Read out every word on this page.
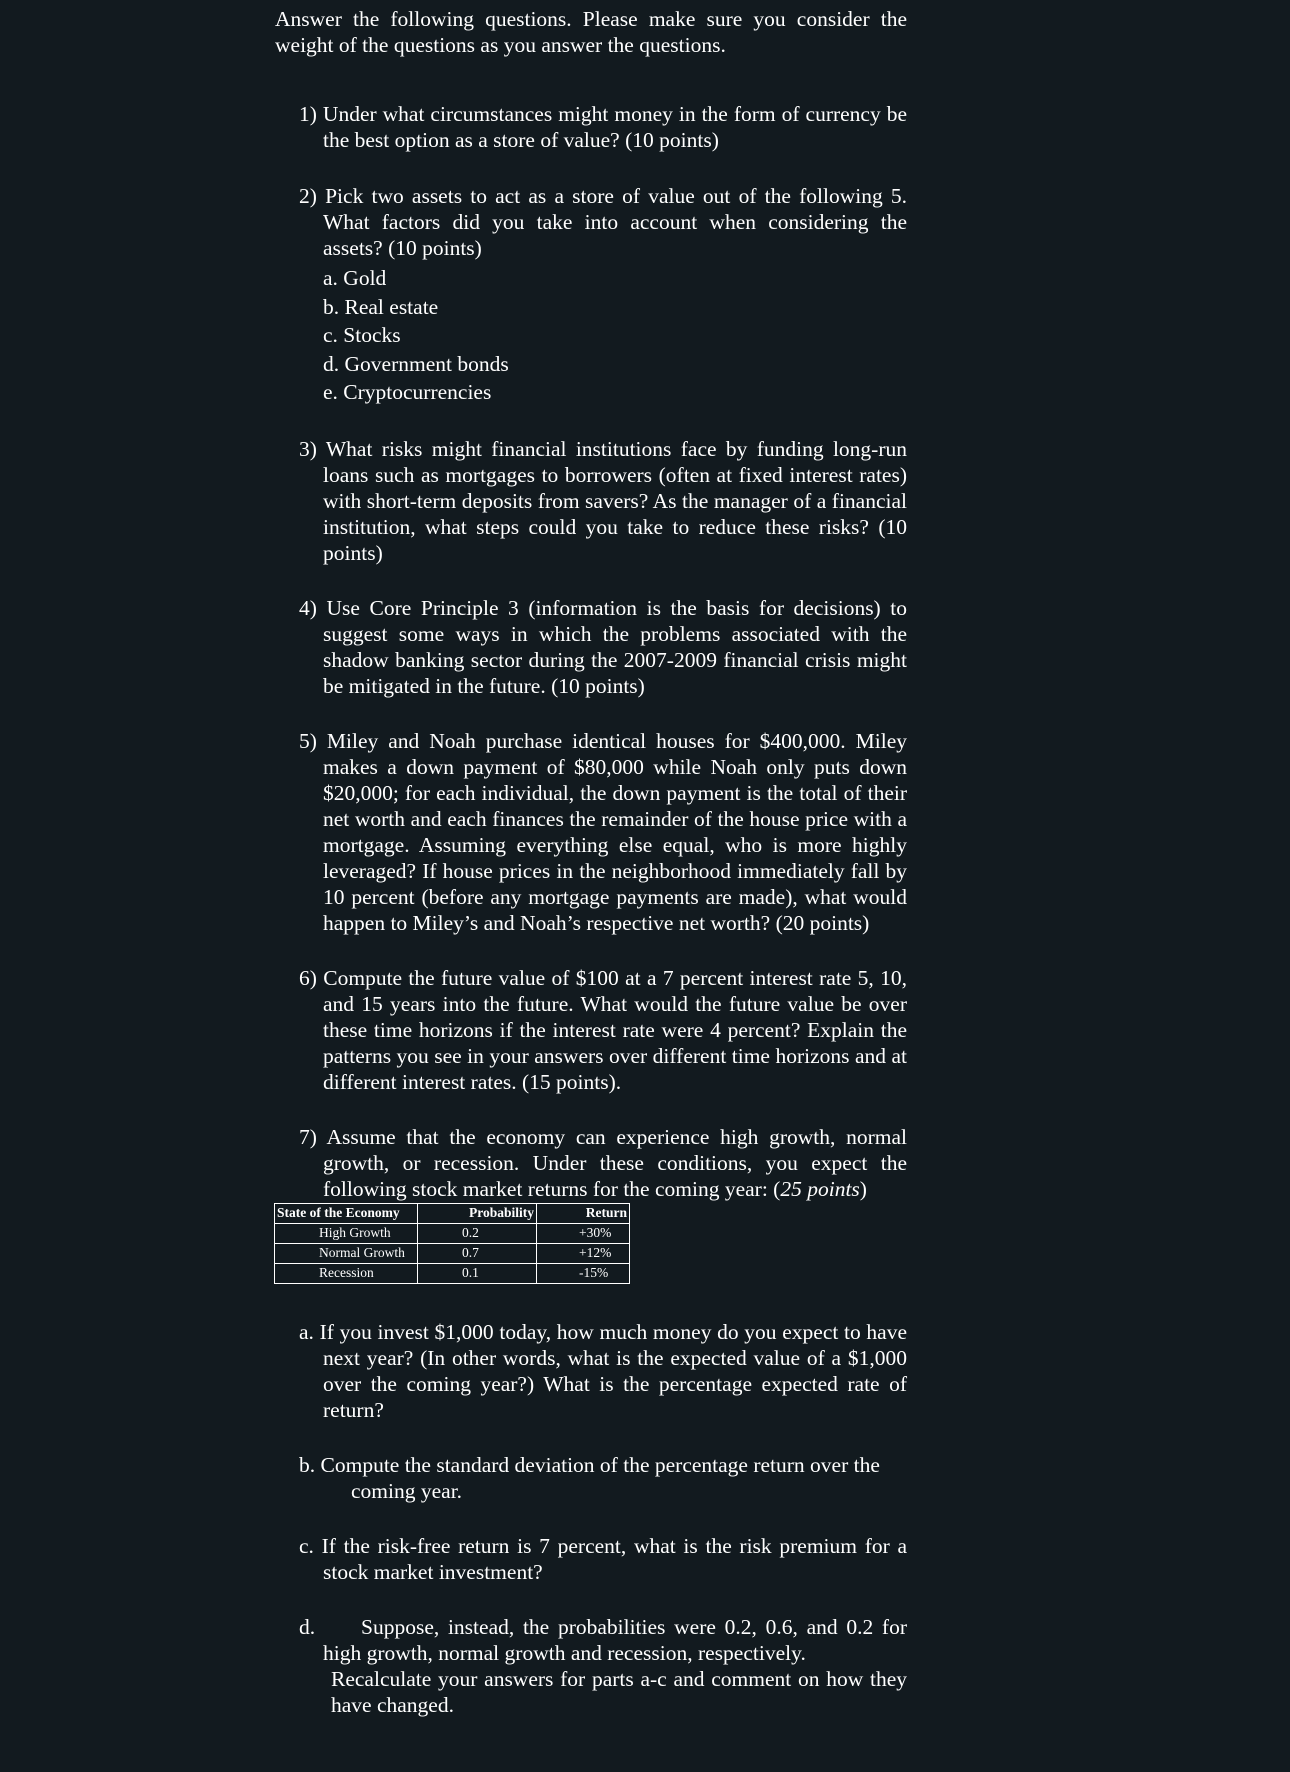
Answer the following questions. Please make sure you consider the weight of the questions as you answer the questions.

1) Under what circumstances might money in the form of currency be the best option as a store of value? (10 points)

2) Pick two assets to act as a store of value out of the following 5. What factors did you take into account when considering the assets? (10 points)

a. Gold
b. Real estate
c. Stocks
d. Government bonds
e. Cryptocurrencies

3) What risks might financial institutions face by funding long-run loans such as mortgages to borrowers (often at fixed interest rates) with short-term deposits from savers? As the manager of a financial institution, what steps could you take to reduce these risks? (10 points)

4) Use Core Principle 3 (information is the basis for decisions) to suggest some ways in which the problems associated with the shadow banking sector during the 2007-2009 financial crisis might be mitigated in the future. (10 points)

5) Miley and Noah purchase identical houses for $400,000. Miley makes a down payment of $80,000 while Noah only puts down $20,000; for each individual, the down payment is the total of their net worth and each finances the remainder of the house price with a mortgage. Assuming everything else equal, who is more highly leveraged? If house prices in the neighborhood immediately fall by 10 percent (before any mortgage payments are made), what would happen to Miley’s and Noah’s respective net worth? (20 points)

6) Compute the future value of $100 at a 7 percent interest rate 5, 10, and 15 years into the future. What would the future value be over these time horizons if the interest rate were 4 percent? Explain the patterns you see in your answers over different time horizons and at different interest rates. (15 points).

7) Assume that the economy can experience high growth, normal growth, or recession. Under these conditions, you expect the following stock market returns for the coming year: (25 points)

State of the Economy	Probability	Return
High Growth	0.2	+30%
Normal Growth	0.7	+12%
Recession	0.1	-15%

a. If you invest $1,000 today, how much money do you expect to have next year? (In other words, what is the expected value of a $1,000 over the coming year?) What is the percentage expected rate of return?

b. Compute the standard deviation of the percentage return over the

coming year.

c. If the risk-free return is 7 percent, what is the risk premium for a stock market investment?

d. Suppose, instead, the probabilities were 0.2, 0.6, and 0.2 for high growth, normal growth and recession, respectively.
Recalculate your answers for parts a-c and comment on how they have changed.
